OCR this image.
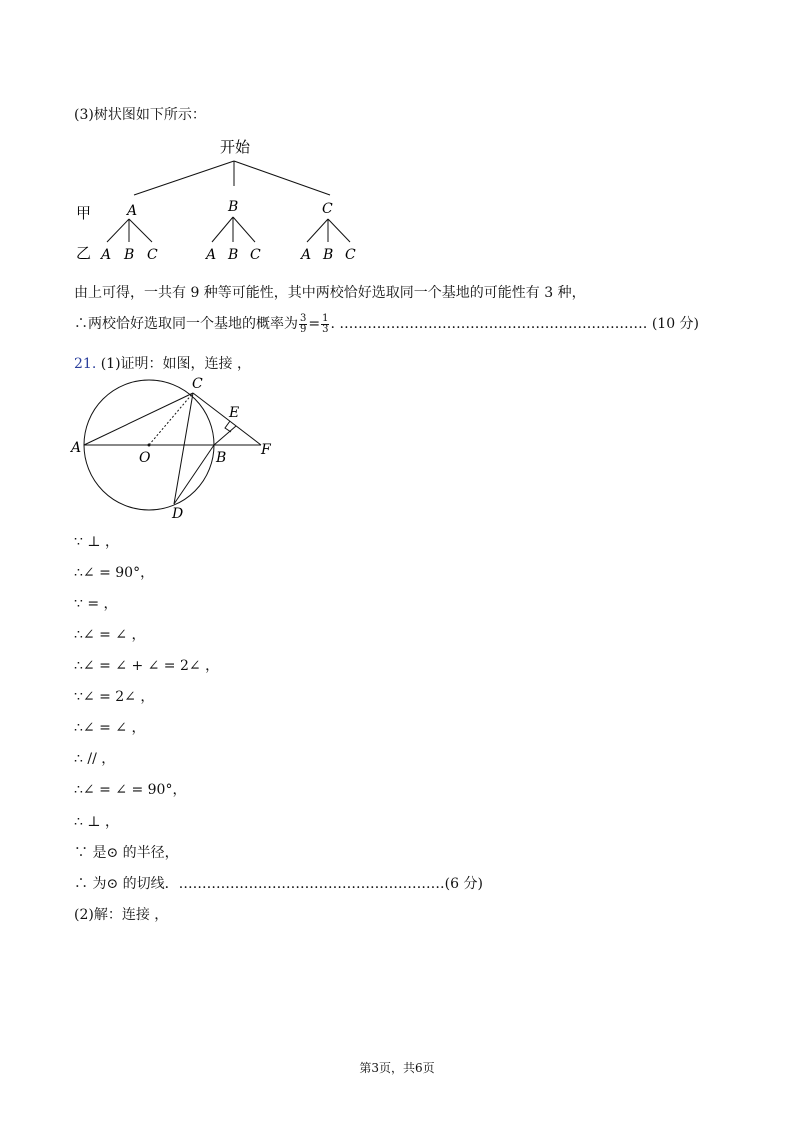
(3)树状图如下所示：
开始
甲
乙
A	B	C
A B C	A B C	A B C
由上可得，一共有 9 种等可能性，其中两校恰好选取同一个基地的可能性有 3 种，
∴两校恰好选取同一个基地的概率为 $\frac{3}{9} = \frac{1}{3}$ . ………………………………………………………… (10 分)
21. (1)证明：如图，连接 ，
C
E
A
O	B F
D
∵ ⊥ ，
∴∠ = 90°，
∵ = ，
∴∠ = ∠ ，
∴∠ = ∠ + ∠ = 2∠ ，
∵∠ = 2∠ ，
∴∠ = ∠ ，
∴ // ，
∴∠ = ∠ = 90°，
∴ ⊥ ，
∵ 是⊙ 的半径，
∴ 为⊙ 的切线．…………………………………………………(6 分)
(2)解：连接 ，
第3页，共6页
